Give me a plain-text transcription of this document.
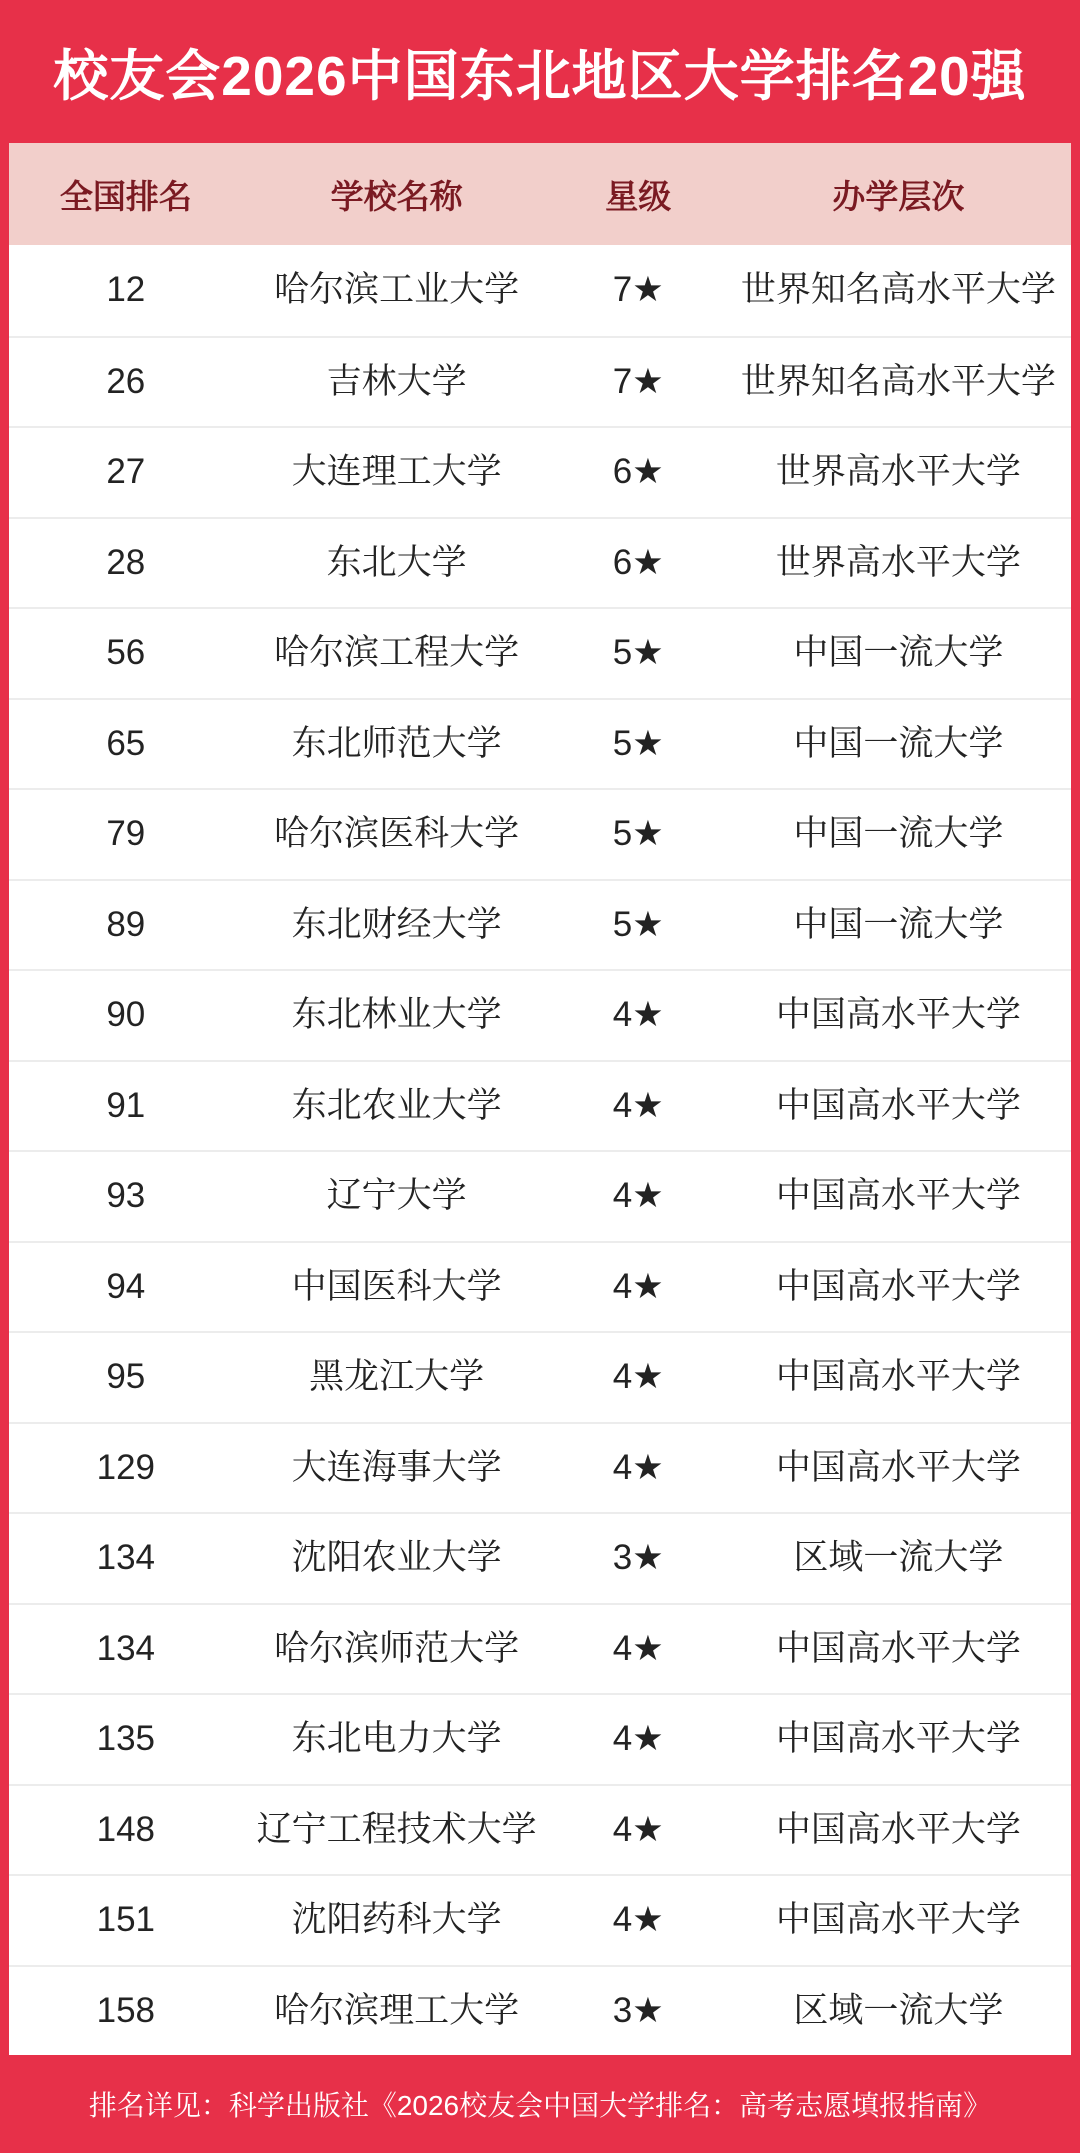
校友会2026中国东北地区大学排名20强
全国排名	学校名称	星级	办学层次
12	哈尔滨工业大学	7★	世界知名高水平大学
26	吉林大学	7★	世界知名高水平大学
27	大连理工大学	6★	世界高水平大学
28	东北大学	6★	世界高水平大学
56	哈尔滨工程大学	5★	中国一流大学
65	东北师范大学	5★	中国一流大学
79	哈尔滨医科大学	5★	中国一流大学
89	东北财经大学	5★	中国一流大学
90	东北林业大学	4★	中国高水平大学
91	东北农业大学	4★	中国高水平大学
93	辽宁大学	4★	中国高水平大学
94	中国医科大学	4★	中国高水平大学
95	黑龙江大学	4★	中国高水平大学
129	大连海事大学	4★	中国高水平大学
134	沈阳农业大学	3★	区域一流大学
134	哈尔滨师范大学	4★	中国高水平大学
135	东北电力大学	4★	中国高水平大学
148	辽宁工程技术大学	4★	中国高水平大学
151	沈阳药科大学	4★	中国高水平大学
158	哈尔滨理工大学	3★	区域一流大学

排名详见：科学出版社《2026校友会中国大学排名：高考志愿填报指南》
